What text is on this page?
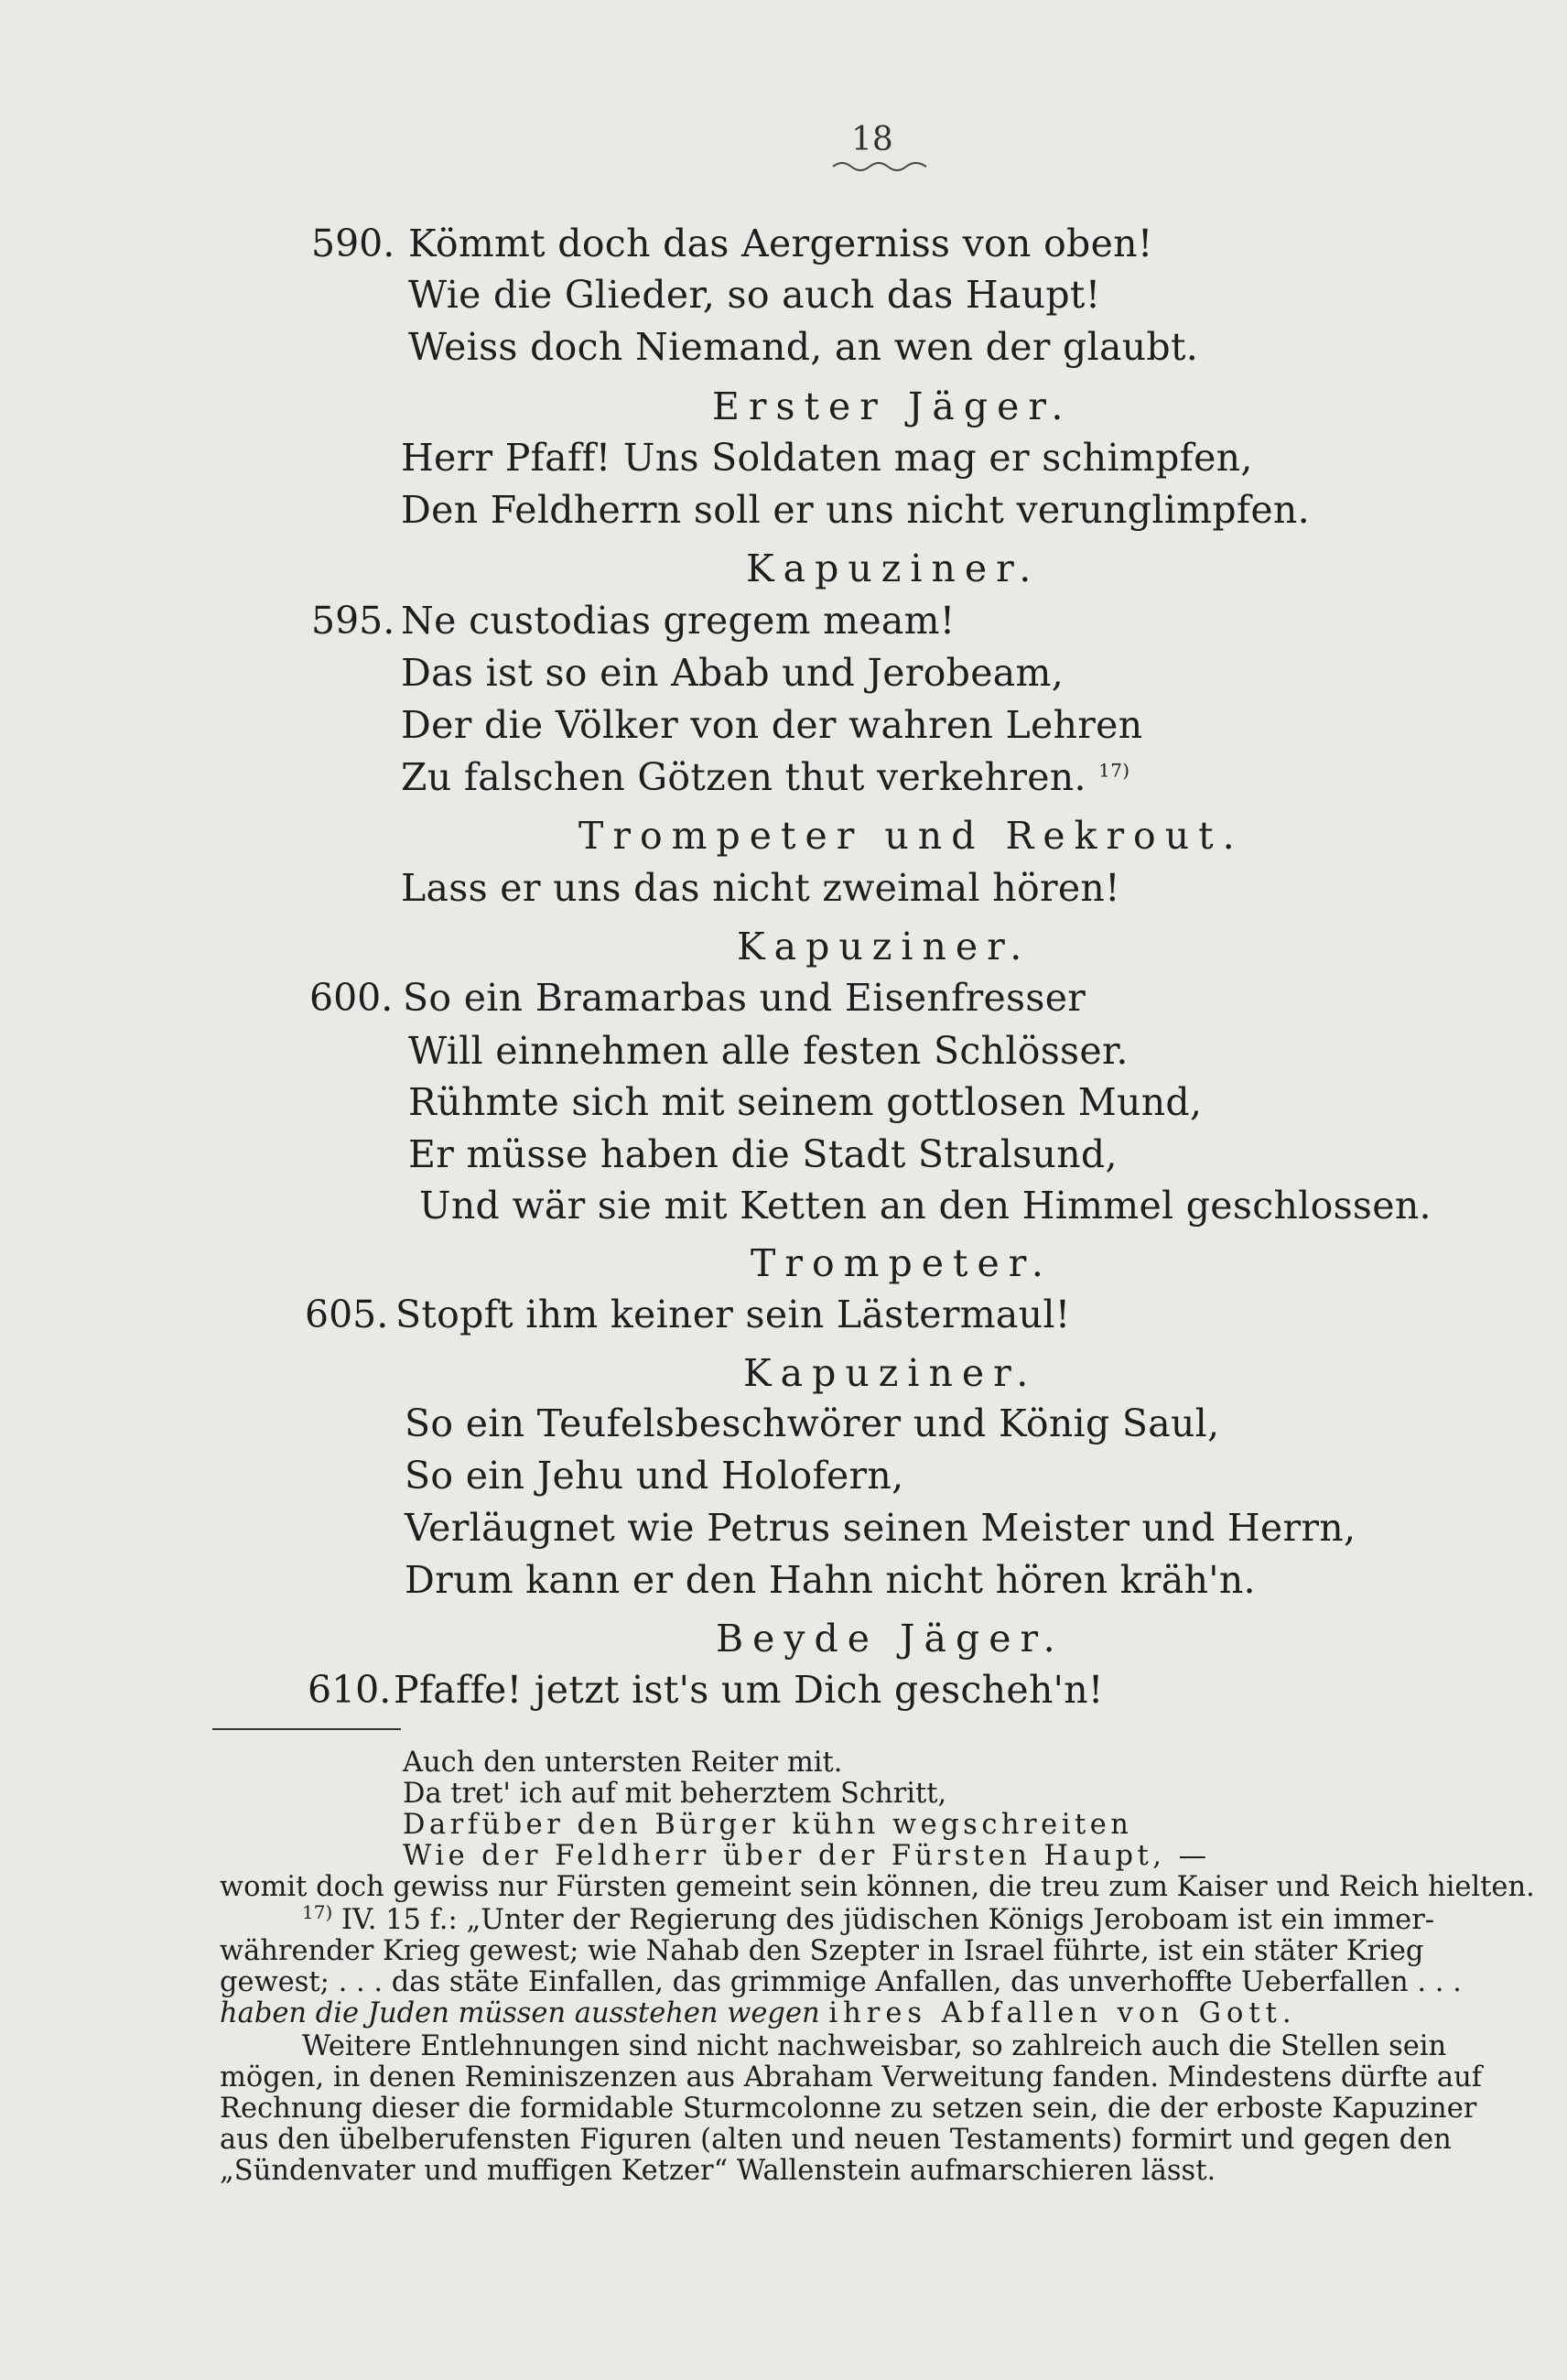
18
590. Kömmt doch das Aergerniss von oben!
Wie die Glieder, so auch das Haupt!
Weiss doch Niemand, an wen der glaubt.
Erster Jäger.
Herr Pfaff! Uns Soldaten mag er schimpfen,
Den Feldherrn soll er uns nicht verunglimpfen.
Kapuziner.
595. Ne custodias gregem meam!
Das ist so ein Abab und Jerobeam,
Der die Völker von der wahren Lehren
Zu falschen Götzen thut verkehren. $^{17)}$
Trompeter und Rekrout.
Lass er uns das nicht zweimal hören!
Kapuziner.
600. So ein Bramarbas und Eisenfresser
Will einnehmen alle festen Schlösser.
Rühmte sich mit seinem gottlosen Mund,
Er müsse haben die Stadt Stralsund,
Und wär sie mit Ketten an den Himmel geschlossen.
Trompeter.
605. Stopft ihm keiner sein Lästermaul!
Kapuziner.
So ein Teufelsbeschwörer und König Saul,
So ein Jehu und Holofern,
Verläugnet wie Petrus seinen Meister und Herrn,
Drum kann er den Hahn nicht hören kräh'n.
Beyde Jäger.
610. Pfaffe! jetzt ist's um Dich gescheh'n!
Auch den untersten Reiter mit.
Da tret' ich auf mit beherztem Schritt,
Darfüber den Bürger kühn wegschreiten
Wie der Feldherr über der Fürsten Haupt, —
womit doch gewiss nur Fürsten gemeint sein können, die treu zum Kaiser und Reich hielten.
$^{17)}$ IV. 15 f.: „Unter der Regierung des jüdischen Königs Jeroboam ist ein immer-
währender Krieg gewest; wie Nahab den Szepter in Israel führte, ist ein stäter Krieg
gewest; . . . das stäte Einfallen, das grimmige Anfallen, das unverhoffte Ueberfallen . . .
haben die Juden müssen ausstehen wegen ihres Abfallen von Gott.
Weitere Entlehnungen sind nicht nachweisbar, so zahlreich auch die Stellen sein
mögen, in denen Reminiszenzen aus Abraham Verweitung fanden. Mindestens dürfte auf
Rechnung dieser die formidable Sturmcolonne zu setzen sein, die der erboste Kapuziner
aus den übelberufensten Figuren (alten und neuen Testaments) formirt und gegen den
„Sündenvater und muffigen Ketzer“ Wallenstein aufmarschieren lässt.
